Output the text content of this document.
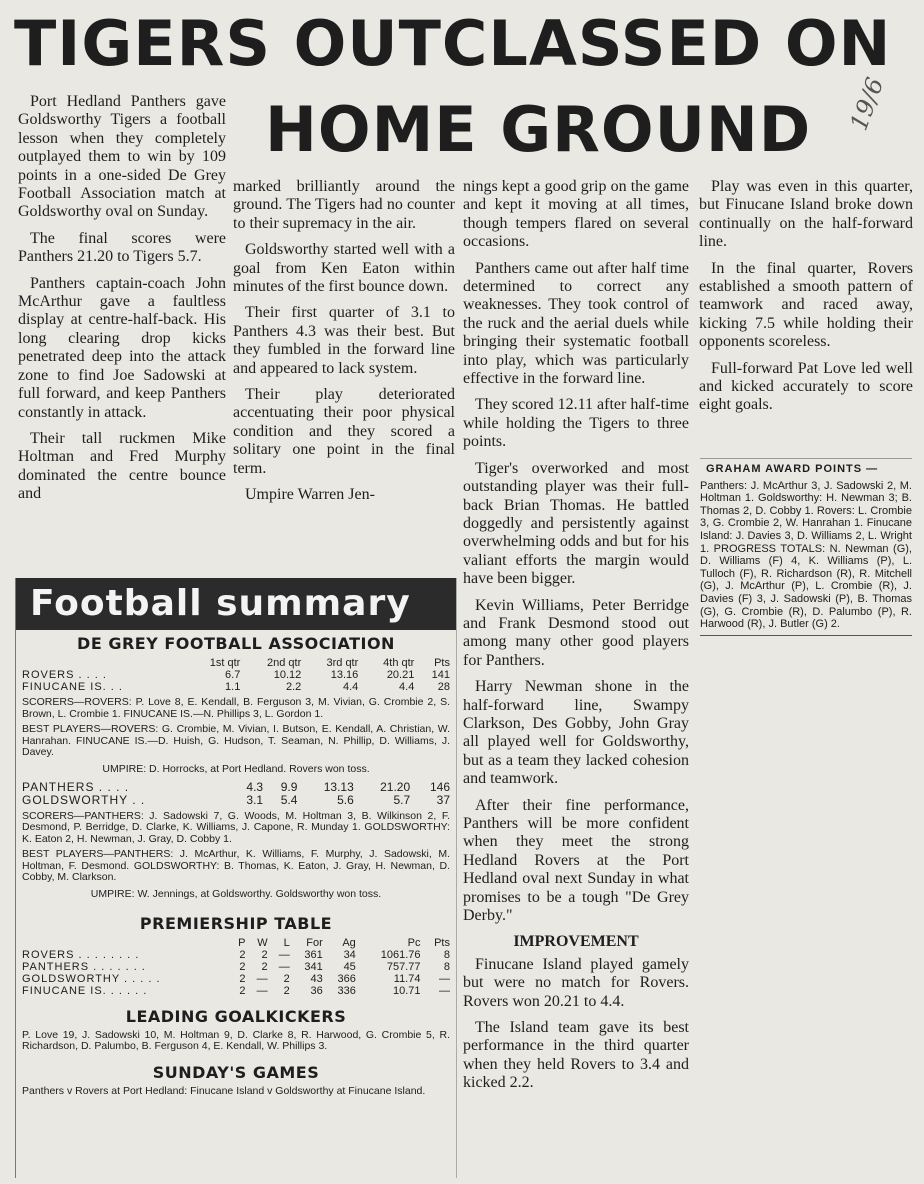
TIGERS OUTCLASSED ON
HOME GROUND 19/6

Port Hedland Panthers gave Goldsworthy Tigers a football lesson when they completely outplayed them to win by 109 points in a one-sided De Grey Football Association match at Goldsworthy oval on Sunday.

The final scores were Panthers 21.20 to Tigers 5.7.

Panthers captain-coach John McArthur gave a faultless display at centre-half-back. His long clearing drop kicks penetrated deep into the attack zone to find Joe Sadowski at full forward, and keep Panthers constantly in attack.

Their tall ruckmen Mike Holtman and Fred Murphy dominated the centre bounce and

marked brilliantly around the ground. The Tigers had no counter to their supremacy in the air.

Goldsworthy started well with a goal from Ken Eaton within minutes of the first bounce down.

Their first quarter of 3.1 to Panthers 4.3 was their best. But they fumbled in the forward line and appeared to lack system.

Their play deteriorated accentuating their poor physical condition and they scored a solitary one point in the final term.

Umpire Warren Jen-

nings kept a good grip on the game and kept it moving at all times, though tempers flared on several occasions.

Panthers came out after half time determined to correct any weaknesses. They took control of the ruck and the aerial duels while bringing their systematic football into play, which was particularly effective in the forward line.

They scored 12.11 after half-time while holding the Tigers to three points.

Tiger's overworked and most outstanding player was their full-back Brian Thomas. He battled doggedly and persistently against overwhelming odds and but for his valiant efforts the margin would have been bigger.

Kevin Williams, Peter Berridge and Frank Desmond stood out among many other good players for Panthers.

Harry Newman shone in the half-forward line, Swampy Clarkson, Des Gobby, John Gray all played well for Goldsworthy, but as a team they lacked cohesion and teamwork.

After their fine performance, Panthers will be more confident when they meet the strong Hedland Rovers at the Port Hedland oval next Sunday in what promises to be a tough "De Grey Derby."

IMPROVEMENT

Finucane Island played gamely but were no match for Rovers. Rovers won 20.21 to 4.4.

The Island team gave its best performance in the third quarter when they held Rovers to 3.4 and kicked 2.2.

Play was even in this quarter, but Finucane Island broke down continually on the half-forward line.

In the final quarter, Rovers established a smooth pattern of teamwork and raced away, kicking 7.5 while holding their opponents scoreless.

Full-forward Pat Love led well and kicked accurately to score eight goals.

GRAHAM AWARD POINTS —
Panthers: J. McArthur 3, J. Sadowski 2, M. Holtman 1. Goldsworthy: H. Newman 3; B. Thomas 2, D. Cobby 1. Rovers: L. Crombie 3, G. Crombie 2, W. Hanrahan 1. Finucane Island: J. Davies 3, D. Williams 2, L. Wright 1. PROGRESS TOTALS: N. Newman (G), D. Williams (F) 4, K. Williams (P), L. Tulloch (F), R. Richardson (R), R. Mitchell (G), J. McArthur (P), L. Crombie (R), J. Davies (F) 3, J. Sadowski (P), B. Thomas (G), G. Crombie (R), D. Palumbo (P), R. Harwood (R), J. Butler (G) 2.
Football summary
DE GREY FOOTBALL ASSOCIATION
	1st qtr	2nd qtr	3rd qtr	4th qtr	Pts
ROVERS . . . .	6.7	10.12	13.16	20.21	141
FINUCANE IS. . .	1.1	2.2	4.4	4.4	28
SCORERS—ROVERS: P. Love 8, E. Kendall, B. Ferguson 3, M. Vivian, G. Crombie 2, S. Brown, L. Crombie 1. FINUCANE IS.—N. Phillips 3, L. Gordon 1.
BEST PLAYERS—ROVERS: G. Crombie, M. Vivian, I. Butson, E. Kendall, A. Christian, W. Hanrahan. FINUCANE IS.—D. Huish, G. Hudson, T. Seaman, N. Phillip, D. Williams, J. Davey.
UMPIRE: D. Horrocks, at Port Hedland. Rovers won toss.
PANTHERS . . . .	4.3	9.9	13.13	21.20	146
GOLDSWORTHY . .	3.1	5.4	5.6	5.7	37
SCORERS—PANTHERS: J. Sadowski 7, G. Woods, M. Holtman 3, B. Wilkinson 2, F. Desmond, P. Berridge, D. Clarke, K. Williams, J. Capone, R. Munday 1. GOLDSWORTHY: K. Eaton 2, H. Newman, J. Gray, D. Cobby 1.
BEST PLAYERS—PANTHERS: J. McArthur, K. Williams, F. Murphy, J. Sadowski, M. Holtman, F. Desmond. GOLDSWORTHY: B. Thomas, K. Eaton, J. Gray, H. Newman, D. Cobby, M. Clarkson.
UMPIRE: W. Jennings, at Goldsworthy. Goldsworthy won toss.
PREMIERSHIP TABLE
	P	W	L	For	Ag	Pc	Pts
ROVERS . . . . . . . .	2	2	—	361	34	1061.76	8
PANTHERS . . . . . . .	2	2	—	341	45	757.77	8
GOLDSWORTHY . . . . .	2	—	2	43	366	11.74	—
FINUCANE IS. . . . . .	2	—	2	36	336	10.71	—
LEADING GOALKICKERS
P. Love 19, J. Sadowski 10, M. Holtman 9, D. Clarke 8, R. Harwood, G. Crombie 5, R. Richardson, D. Palumbo, B. Ferguson 4, E. Kendall, W. Phillips 3.
SUNDAY'S GAMES
Panthers v Rovers at Port Hedland: Finucane Island v Goldsworthy at Finucane Island.
